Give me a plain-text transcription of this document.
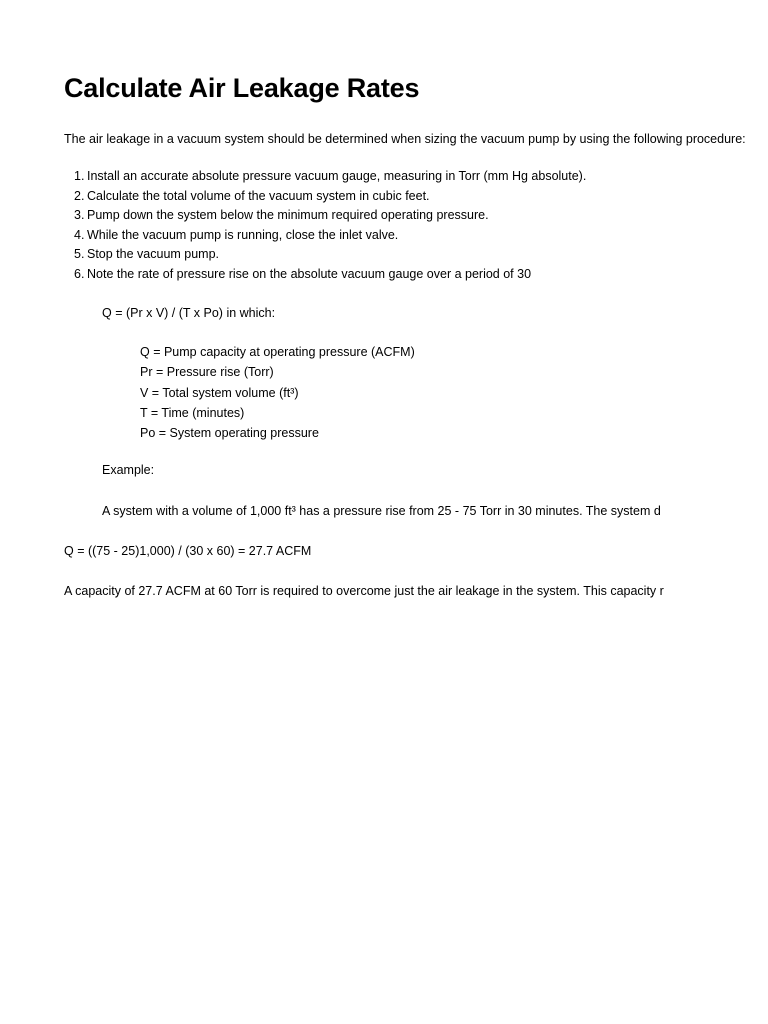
Calculate Air Leakage Rates
The air leakage in a vacuum system should be determined when sizing the vacuum pump by using the following procedure:
1. Install an accurate absolute pressure vacuum gauge, measuring in Torr (mm Hg absolute).
2. Calculate the total volume of the vacuum system in cubic feet.
3. Pump down the system below the minimum required operating pressure.
4. While the vacuum pump is running, close the inlet valve.
5. Stop the vacuum pump.
6. Note the rate of pressure rise on the absolute vacuum gauge over a period of 30
Q = (Pr x V) / (T x Po) in which:
Q = Pump capacity at operating pressure (ACFM)
Pr = Pressure rise (Torr)
V = Total system volume (ft³)
T = Time (minutes)
Po = System operating pressure
Example:
A system with a volume of 1,000 ft³ has a pressure rise from 25 - 75 Torr in 30 minutes. The system d
Q = ((75 - 25)1,000) / (30 x 60) = 27.7 ACFM
A capacity of 27.7 ACFM at 60 Torr is required to overcome just the air leakage in the system. This capacity r
